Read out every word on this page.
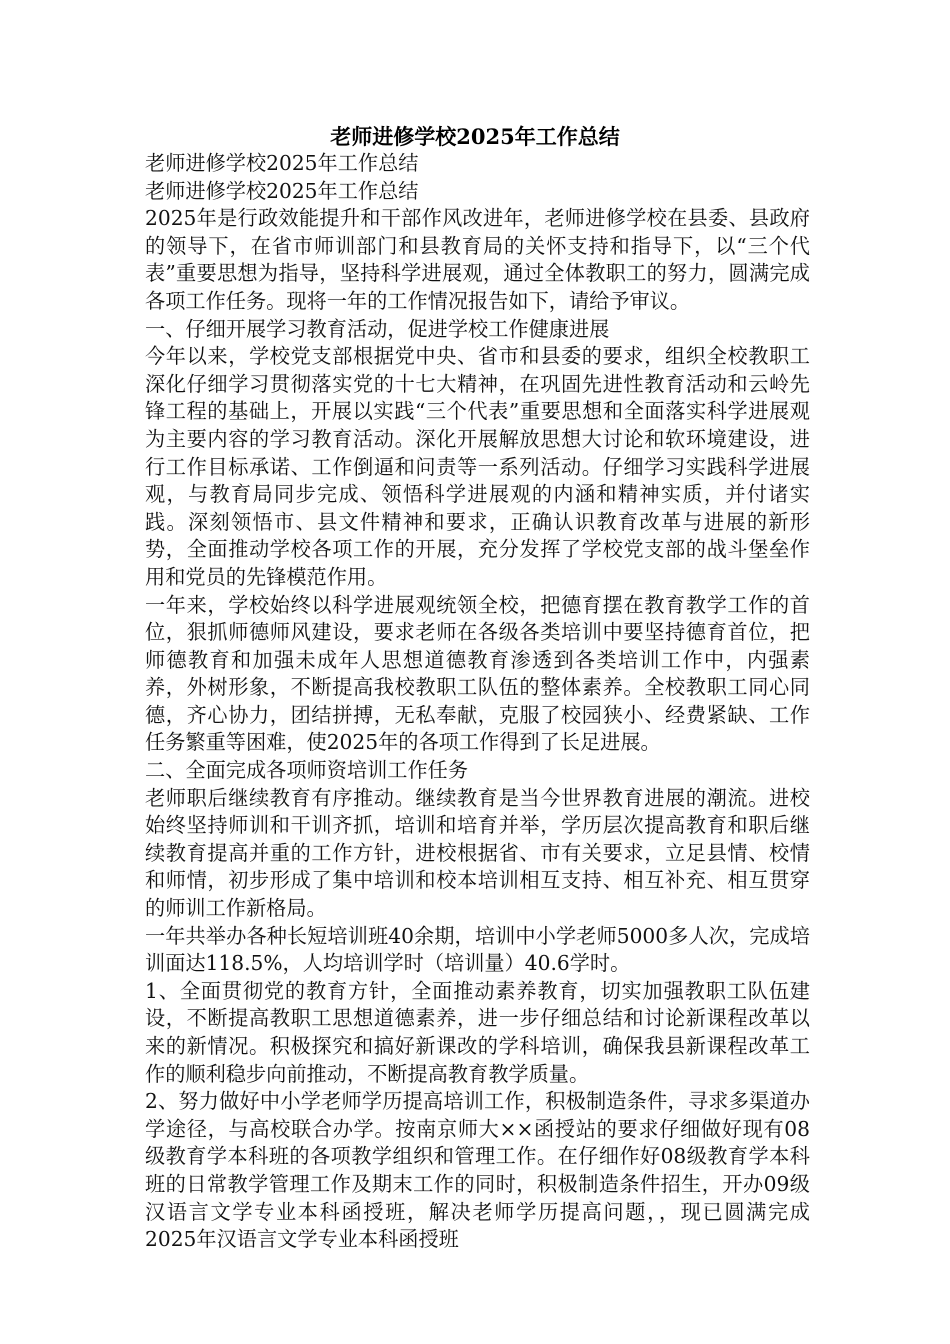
老师进修学校2025年工作总结

老师进修学校2025年工作总结

老师进修学校2025年工作总结

2025年是行政效能提升和干部作风改进年，老师进修学校在县委、县政府的领导下，在省市师训部门和县教育局的关怀支持和指导下，以“三个代表”重要思想为指导，坚持科学进展观，通过全体教职工的努力，圆满完成各项工作任务。现将一年的工作情况报告如下，请给予审议。

一、仔细开展学习教育活动，促进学校工作健康进展

今年以来，学校党支部根据党中央、省市和县委的要求，组织全校教职工深化仔细学习贯彻落实党的十七大精神，在巩固先进性教育活动和云岭先锋工程的基础上，开展以实践“三个代表”重要思想和全面落实科学进展观为主要内容的学习教育活动。深化开展解放思想大讨论和软环境建设，进行工作目标承诺、工作倒逼和问责等一系列活动。仔细学习实践科学进展观，与教育局同步完成、领悟科学进展观的内涵和精神实质，并付诸实践。深刻领悟市、县文件精神和要求，正确认识教育改革与进展的新形势，全面推动学校各项工作的开展，充分发挥了学校党支部的战斗堡垒作用和党员的先锋模范作用。

一年来，学校始终以科学进展观统领全校，把德育摆在教育教学工作的首位，狠抓师德师风建设，要求老师在各级各类培训中要坚持德育首位，把师德教育和加强未成年人思想道德教育渗透到各类培训工作中，内强素养，外树形象，不断提高我校教职工队伍的整体素养。全校教职工同心同德，齐心协力，团结拼搏，无私奉献，克服了校园狭小、经费紧缺、工作任务繁重等困难，使2025年的各项工作得到了长足进展。

二、全面完成各项师资培训工作任务

老师职后继续教育有序推动。继续教育是当今世界教育进展的潮流。进校始终坚持师训和干训齐抓，培训和培育并举，学历层次提高教育和职后继续教育提高并重的工作方针，进校根据省、市有关要求，立足县情、校情和师情，初步形成了集中培训和校本培训相互支持、相互补充、相互贯穿的师训工作新格局。

一年共举办各种长短培训班40余期，培训中小学老师5000多人次，完成培训面达118.5%，人均培训学时（培训量）40.6学时。

1、全面贯彻党的教育方针，全面推动素养教育，切实加强教职工队伍建设，不断提高教职工思想道德素养，进一步仔细总结和讨论新课程改革以来的新情况。积极探究和搞好新课改的学科培训，确保我县新课程改革工作的顺利稳步向前推动，不断提高教育教学质量。

2、努力做好中小学老师学历提高培训工作，积极制造条件，寻求多渠道办学途径，与高校联合办学。按南京师大××函授站的要求仔细做好现有08级教育学本科班的各项教学组织和管理工作。在仔细作好08级教育学本科班的日常教学管理工作及期末工作的同时，积极制造条件招生，开办09级汉语言文学专业本科函授班，解决老师学历提高问题，，现已圆满完成2025年汉语言文学专业本科函授班
